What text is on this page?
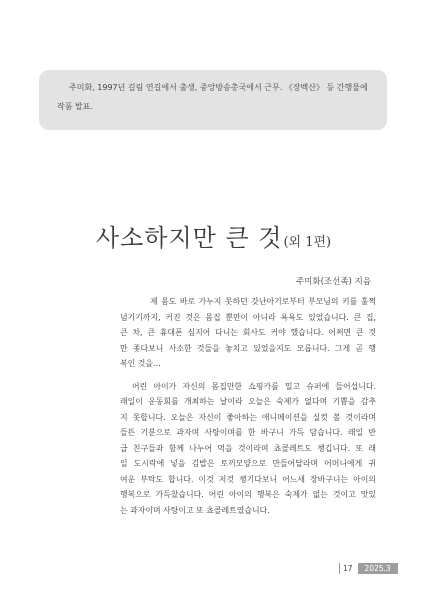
주미화, 1997년 길림 연길에서 출생, 중앙방송총국에서 근무. 《장백산》 등 간행물에
작품 발표.
사소하지만 큰 것(외 1편)
주미화(조선족) 지음
제 몸도 바로 가누지 못하던 갓난아기로부터 부모님의 키를 훌쩍
넘기기까지, 커진 것은 몸집 뿐만이 아니라 욕욕도 있었습니다. 큰 집,
큰 차, 큰 휴대폰 심지어 다니는 회사도 커야 했습니다. 어쩌면 큰 것
만 좇다보니 사소한 것들을 놓치고 있었을지도 모릅니다. 그게 곧 행
복인 것을…
어린 아이가 자신의 몸집만한 쇼핑카를 밀고 슈퍼에 들어섭니다.
래일이 운동회를 개최하는 날이라 오늘은 숙제가 없다며 기쁨을 감추
지 못합니다. 오늘은 자신이 좋아하는 애니메이션을 실컷 볼 것이라며
들뜬 기분으로 과자며 사탕이며를 한 바구니 가득 담습니다. 래일 반
급 친구들과 함께 나누어 먹을 것이라며 쵸콜레트도 챙깁니다. 또 래
일 도시락에 넣을 김밥은 토끼모양으로 만들어달라며 어머니에게 귀
여운 부탁도 합니다. 이것 저것 챙기다보니 어느새 장바구니는 아이의
행복으로 가득찼습니다. 어린 아이의 행복은 숙제가 없는 것이고 맛있
는 과자이며 사탕이고 또 쵸콜레트였습니다.
17	2025.3
